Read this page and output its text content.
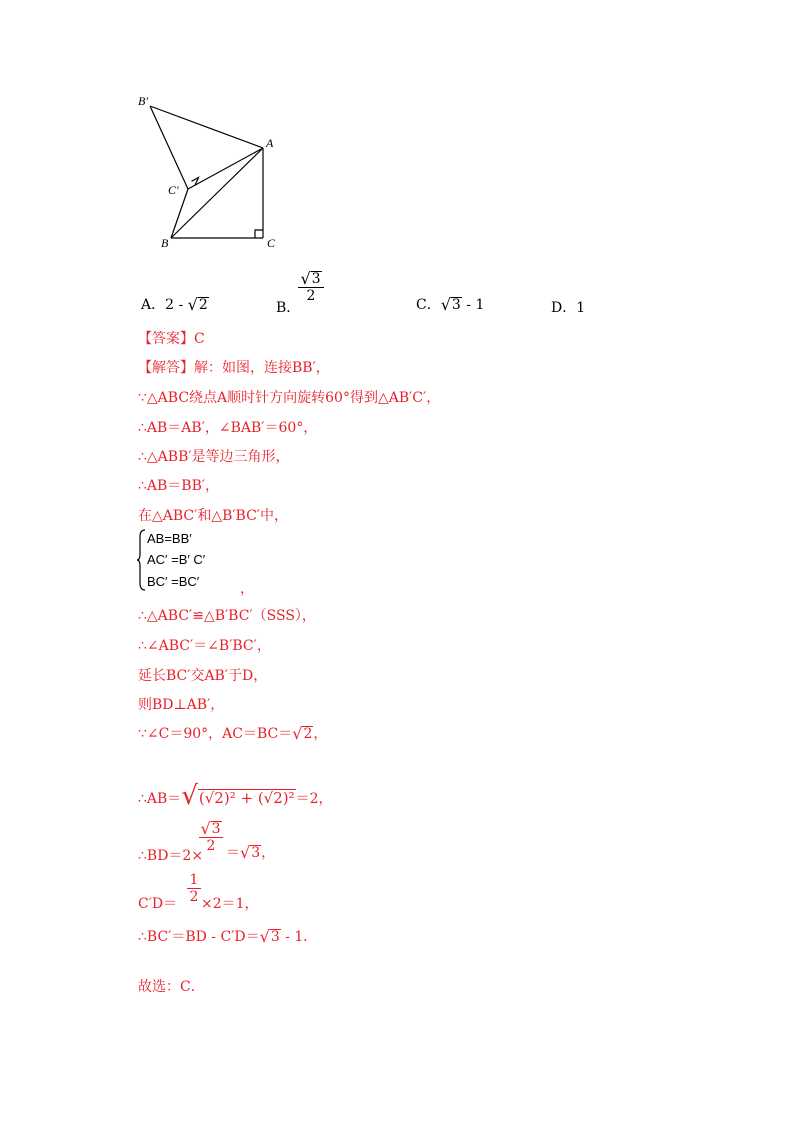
B′
A
C′
B	C
A．2 - √2	B．
√3
2
C．√3 - 1	D．1
【答案】C
【解答】解：如图，连接BB′，
∵△ABC绕点A顺时针方向旋转60°得到△AB′C′，
∴AB＝AB′，∠BAB′＝60°，
∴△ABB′是等边三角形，
∴AB＝BB′，
在△ABC′和△B′BC′中，
AB=BB′
AC′ =B′ C′
BC′ =BC′	，
∴△ABC′≌△B′BC′（SSS），
∴∠ABC′＝∠B′BC′，
延长BC′交AB′于D，
则BD⊥AB′，
∵∠C＝90°，AC＝BC＝√2，
∴AB＝√(√2)² + (√2)²＝2，
∴BD＝2×
√3
2 ＝√3，
C′D＝
1
2 ×2＝1，
∴BC′＝BD - C′D＝√3 - 1．
故选：C．
